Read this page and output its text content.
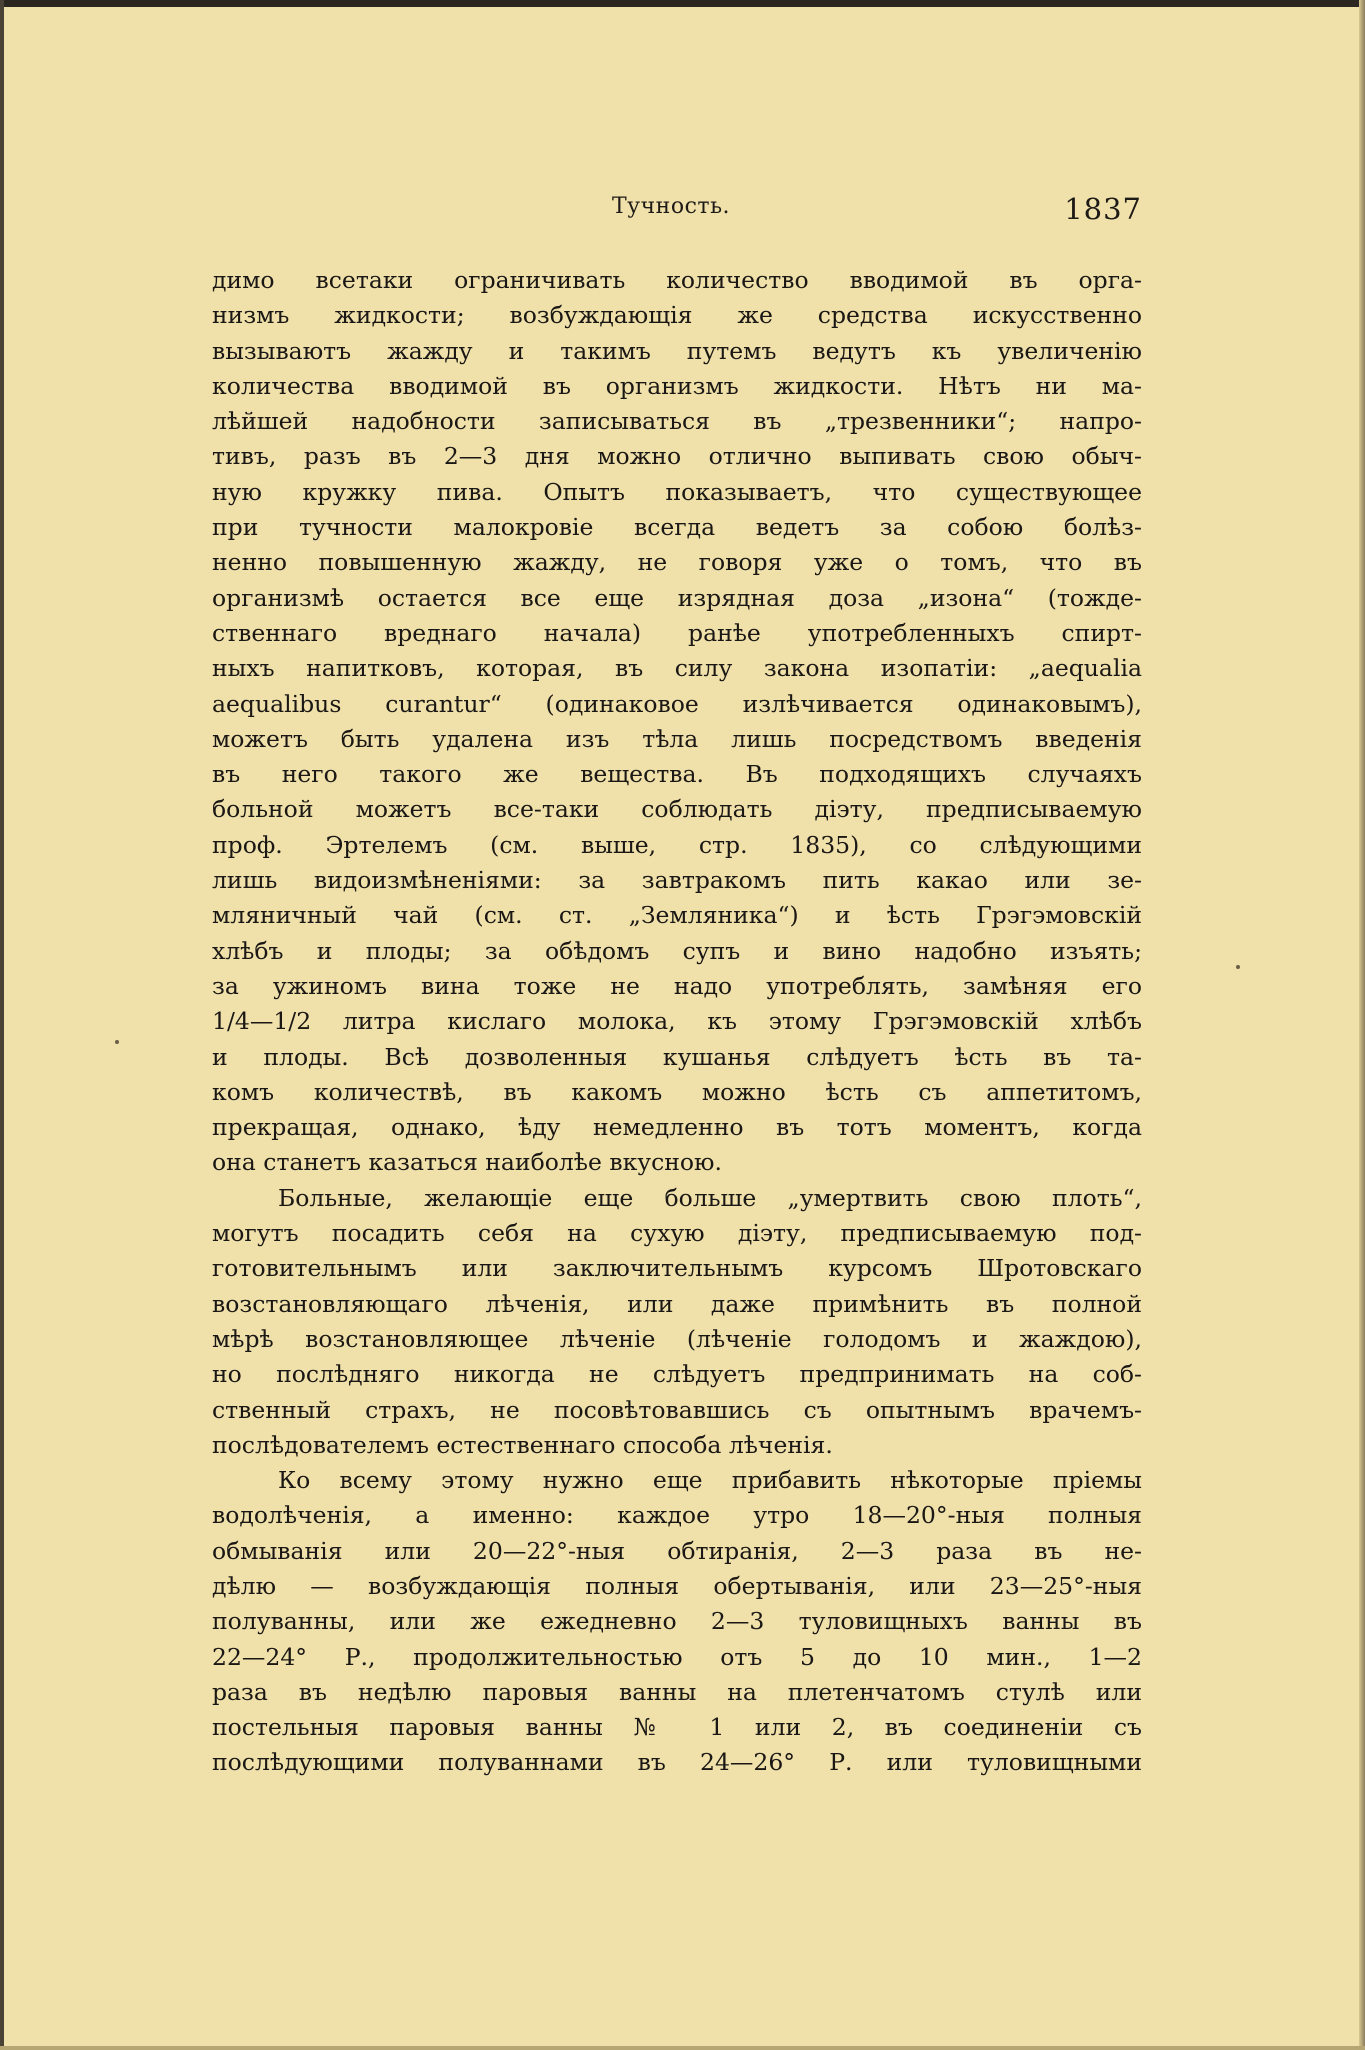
Тучность.	1837
димо всетаки ограничивать количество вводимой въ орга-
низмъ жидкости; возбуждающія же средства искусственно
вызываютъ жажду и такимъ путемъ ведутъ къ увеличенію
количества вводимой въ организмъ жидкости. Нѣтъ ни ма-
лѣйшей надобности записываться въ „трезвенники“; напро-
тивъ, разъ въ 2—3 дня можно отлично выпивать свою обыч-
ную кружку пива. Опытъ показываетъ, что существующее
при тучности малокровіе всегда ведетъ за собою болѣз-
ненно повышенную жажду, не говоря уже о томъ, что въ
организмѣ остается все еще изрядная доза „изона“ (тожде-
ственнаго вреднаго начала) ранѣе употребленныхъ спирт-
ныхъ напитковъ, которая, въ силу закона изопатіи: „aequalia
aequalibus curantur“ (одинаковое излѣчивается одинаковымъ),
можетъ быть удалена изъ тѣла лишь посредствомъ введенія
въ него такого же вещества. Въ подходящихъ случаяхъ
больной можетъ все-таки соблюдать діэту, предписываемую
проф. Эртелемъ (см. выше, стр. 1835), со слѣдующими
лишь видоизмѣненіями: за завтракомъ пить какао или зе-
мляничный чай (см. ст. „Земляника“) и ѣсть Грэгэмовскій
хлѣбъ и плоды; за обѣдомъ супъ и вино надобно изъять;
за ужиномъ вина тоже не надо употреблять, замѣняя его
1/4—1/2 литра кислаго молока, къ этому Грэгэмовскій хлѣбъ
и плоды. Всѣ дозволенныя кушанья слѣдуетъ ѣсть въ та-
комъ количествѣ, въ какомъ можно ѣсть съ аппетитомъ,
прекращая, однако, ѣду немедленно въ тотъ моментъ, когда
она станетъ казаться наиболѣе вкусною.
Больные, желающіе еще больше „умертвить свою плоть“,
могутъ посадить себя на сухую діэту, предписываемую под-
готовительнымъ или заключительнымъ курсомъ Шротовскаго
возстановляющаго лѣченія, или даже примѣнить въ полной
мѣрѣ возстановляющее лѣченіе (лѣченіе голодомъ и жаждою),
но послѣдняго никогда не слѣдуетъ предпринимать на соб-
ственный страхъ, не посовѣтовавшись съ опытнымъ врачемъ-
послѣдователемъ естественнаго способа лѣченія.
Ко всему этому нужно еще прибавить нѣкоторые пріемы
водолѣченія, а именно: каждое утро 18—20°-ныя полныя
обмыванія или 20—22°-ныя обтиранія, 2—3 раза въ не-
дѣлю — возбуждающія полныя обертыванія, или 23—25°-ныя
полуванны, или же ежедневно 2—3 туловищныхъ ванны въ
22—24° Р., продолжительностью отъ 5 до 10 мин., 1—2
раза въ недѣлю паровыя ванны на плетенчатомъ стулѣ или
постельныя паровыя ванны № 1 или 2, въ соединеніи съ
послѣдующими полуваннами въ 24—26° Р. или туловищными
